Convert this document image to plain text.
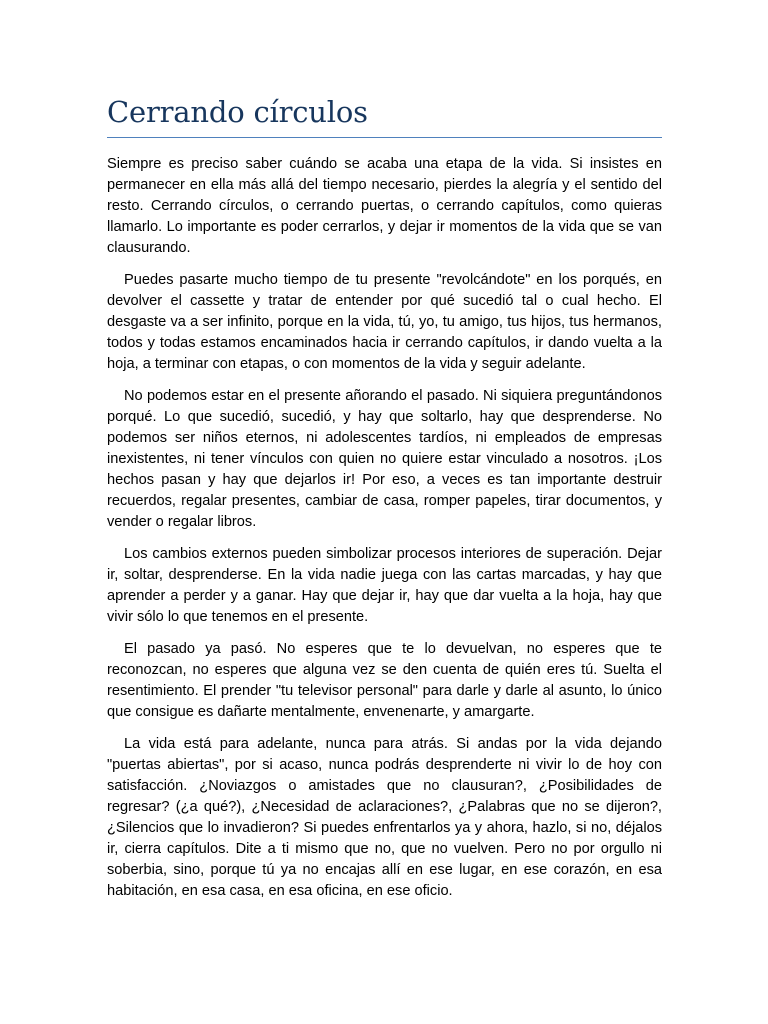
Cerrando círculos

Siempre es preciso saber cuándo se acaba una etapa de la vida. Si insistes en permanecer en ella más allá del tiempo necesario, pierdes la alegría y el sentido del resto. Cerrando círculos, o cerrando puertas, o cerrando capítulos, como quieras llamarlo. Lo importante es poder cerrarlos, y dejar ir momentos de la vida que se van clausurando.

Puedes pasarte mucho tiempo de tu presente "revolcándote" en los porqués, en devolver el cassette y tratar de entender por qué sucedió tal o cual hecho. El desgaste va a ser infinito, porque en la vida, tú, yo, tu amigo, tus hijos, tus hermanos, todos y todas estamos encaminados hacia ir cerrando capítulos, ir dando vuelta a la hoja, a terminar con etapas, o con momentos de la vida y seguir adelante.

No podemos estar en el presente añorando el pasado. Ni siquiera preguntándonos porqué. Lo que sucedió, sucedió, y hay que soltarlo, hay que desprenderse. No podemos ser niños eternos, ni adolescentes tardíos, ni empleados de empresas inexistentes, ni tener vínculos con quien no quiere estar vinculado a nosotros. ¡Los hechos pasan y hay que dejarlos ir! Por eso, a veces es tan importante destruir recuerdos, regalar presentes, cambiar de casa, romper papeles, tirar documentos, y vender o regalar libros.

Los cambios externos pueden simbolizar procesos interiores de superación. Dejar ir, soltar, desprenderse. En la vida nadie juega con las cartas marcadas, y hay que aprender a perder y a ganar. Hay que dejar ir, hay que dar vuelta a la hoja, hay que vivir sólo lo que tenemos en el presente.

El pasado ya pasó. No esperes que te lo devuelvan, no esperes que te reconozcan, no esperes que alguna vez se den cuenta de quién eres tú. Suelta el resentimiento. El prender "tu televisor personal" para darle y darle al asunto, lo único que consigue es dañarte mentalmente, envenenarte, y amargarte.

La vida está para adelante, nunca para atrás. Si andas por la vida dejando "puertas abiertas", por si acaso, nunca podrás desprenderte ni vivir lo de hoy con satisfacción. ¿Noviazgos o amistades que no clausuran?, ¿Posibilidades de regresar? (¿a qué?), ¿Necesidad de aclaraciones?, ¿Palabras que no se dijeron?, ¿Silencios que lo invadieron? Si puedes enfrentarlos ya y ahora, hazlo, si no, déjalos ir, cierra capítulos. Dite a ti mismo que no, que no vuelven. Pero no por orgullo ni soberbia, sino, porque tú ya no encajas allí en ese lugar, en ese corazón, en esa habitación, en esa casa, en esa oficina, en ese oficio.
